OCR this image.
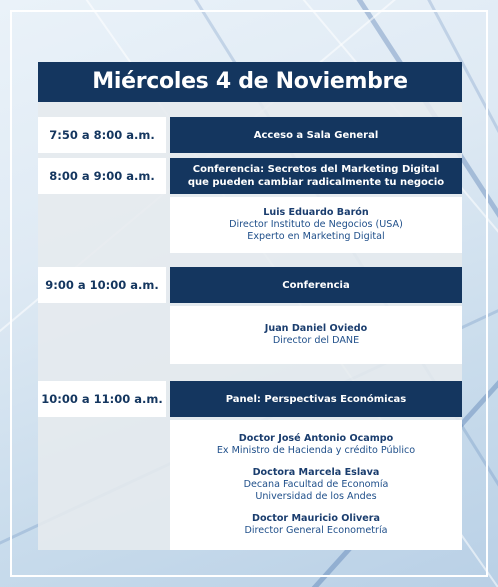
Miércoles 4 de Noviembre
7:50 a 8:00 a.m.	Acceso a Sala General
8:00 a 9:00 a.m.	Conferencia: Secretos del Marketing Digital
que pueden cambiar radicalmente tu negocio
Luis Eduardo Barón
Director Instituto de Negocios (USA)
Experto en Marketing Digital
9:00 a 10:00 a.m.	Conferencia
Juan Daniel Oviedo
Director del DANE
10:00 a 11:00 a.m.	Panel: Perspectivas Económicas
Doctor José Antonio Ocampo
Ex Ministro de Hacienda y crédito Público
Doctora Marcela Eslava
Decana Facultad de Economía
Universidad de los Andes
Doctor Mauricio Olivera
Director General Econometría
